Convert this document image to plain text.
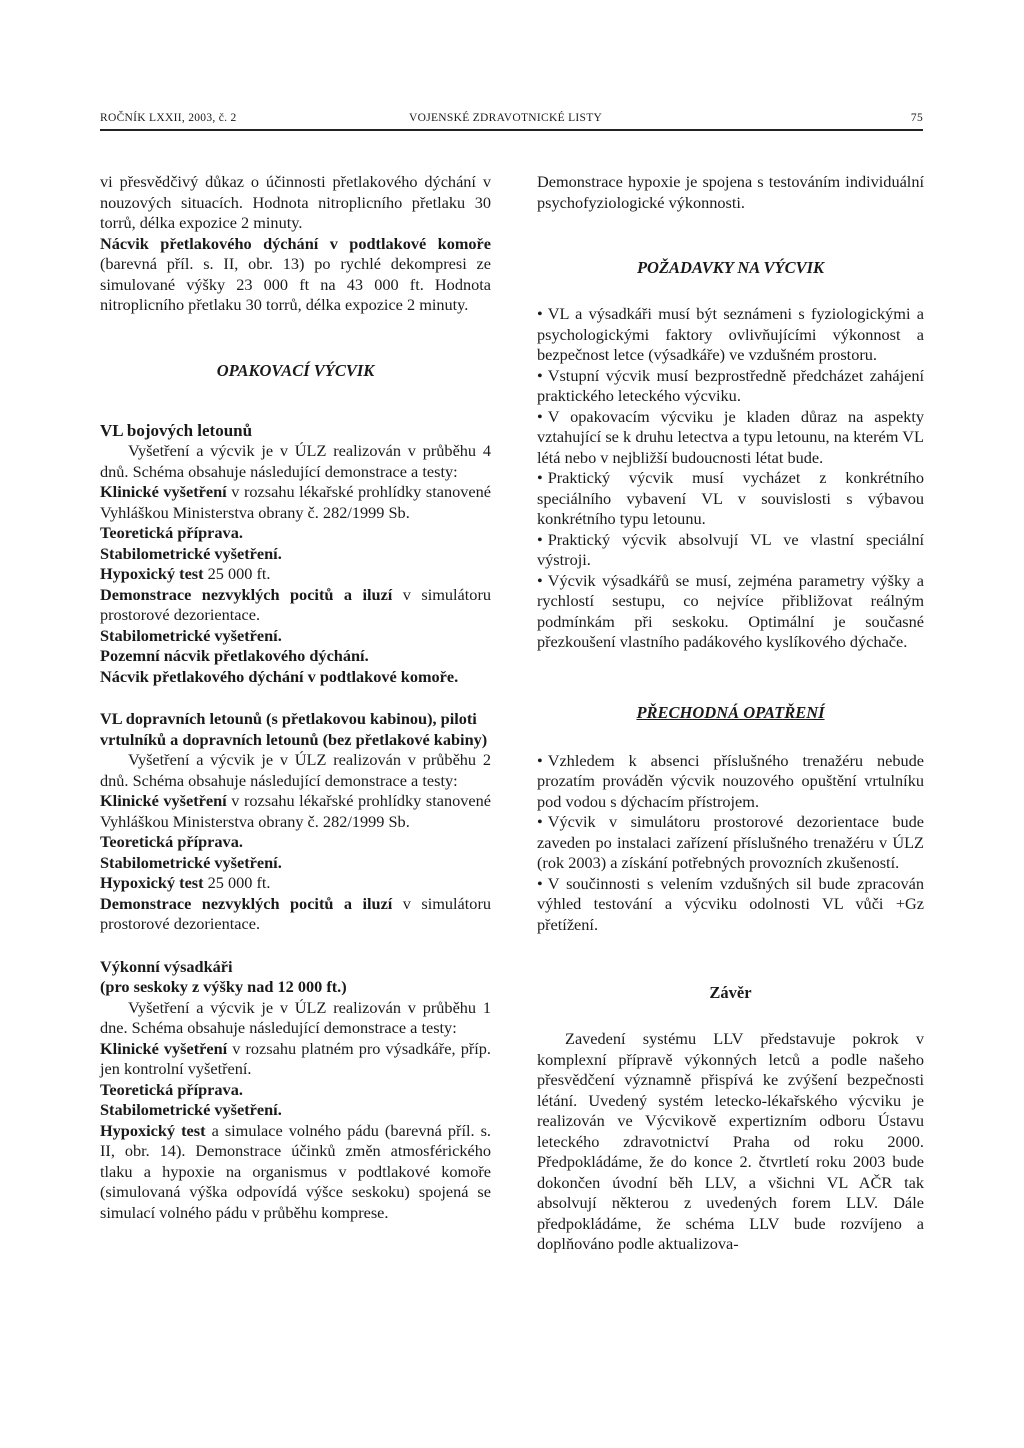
ROČNÍK LXXII, 2003, č. 2	VOJENSKÉ ZDRAVOTNICKÉ LISTY	75

vi přesvědčivý důkaz o účinnosti přetlakového dýchání v nouzových situacích. Hodnota nitroplicního přetlaku 30 torrů, délka expozice 2 minuty.

Nácvik přetlakového dýchání v podtlakové komoře (barevná příl. s. II, obr. 13) po rychlé dekompresi ze simulované výšky 23 000 ft na 43 000 ft. Hodnota nitroplicního přetlaku 30 torrů, délka expozice 2 minuty.

OPAKOVACÍ VÝCVIK
VL bojových letounů

Vyšetření a výcvik je v ÚLZ realizován v průběhu 4 dnů. Schéma obsahuje následující demonstrace a testy:

Klinické vyšetření v rozsahu lékařské prohlídky stanovené Vyhláškou Ministerstva obrany č. 282/1999 Sb.

Teoretická příprava.

Stabilometrické vyšetření.

Hypoxický test 25 000 ft.

Demonstrace nezvyklých pocitů a iluzí v simulátoru prostorové dezorientace.

Stabilometrické vyšetření.

Pozemní nácvik přetlakového dýchání.

Nácvik přetlakového dýchání v podtlakové komoře.

VL dopravních letounů (s přetlakovou kabinou), piloti vrtulníků a dopravních letounů (bez přetlakové kabiny)

Vyšetření a výcvik je v ÚLZ realizován v průběhu 2 dnů. Schéma obsahuje následující demonstrace a testy:

Klinické vyšetření v rozsahu lékařské prohlídky stanovené Vyhláškou Ministerstva obrany č. 282/1999 Sb.

Teoretická příprava.

Stabilometrické vyšetření.

Hypoxický test 25 000 ft.

Demonstrace nezvyklých pocitů a iluzí v simulátoru prostorové dezorientace.

Výkonní výsadkáři
(pro seskoky z výšky nad 12 000 ft.)

Vyšetření a výcvik je v ÚLZ realizován v průběhu 1 dne. Schéma obsahuje následující demonstrace a testy:

Klinické vyšetření v rozsahu platném pro výsadkáře, příp. jen kontrolní vyšetření.

Teoretická příprava.

Stabilometrické vyšetření.

Hypoxický test a simulace volného pádu (barevná příl. s. II, obr. 14). Demonstrace účinků změn atmosférického tlaku a hypoxie na organismus v podtlakové komoře (simulovaná výška odpovídá výšce seskoku) spojená se simulací volného pádu v průběhu komprese.

Demonstrace hypoxie je spojena s testováním individuální psychofyziologické výkonnosti.

POŽADAVKY NA VÝCVIK

• VL a výsadkáři musí být seznámeni s fyziologickými a psychologickými faktory ovlivňujícími výkonnost a bezpečnost letce (výsadkáře) ve vzdušném prostoru.

• Vstupní výcvik musí bezprostředně předcházet zahájení praktického leteckého výcviku.

• V opakovacím výcviku je kladen důraz na aspekty vztahující se k druhu letectva a typu letounu, na kterém VL létá nebo v nejbližší budoucnosti létat bude.

• Praktický výcvik musí vycházet z konkrétního speciálního vybavení VL v souvislosti s výbavou konkrétního typu letounu.

• Praktický výcvik absolvují VL ve vlastní speciální výstroji.

• Výcvik výsadkářů se musí, zejména parametry výšky a rychlostí sestupu, co nejvíce přibližovat reálným podmínkám při seskoku. Optimální je současné přezkoušení vlastního padákového kyslíkového dýchače.

PŘECHODNÁ OPATŘENÍ

• Vzhledem k absenci příslušného trenažéru nebude prozatím prováděn výcvik nouzového opuštění vrtulníku pod vodou s dýchacím přístrojem.

• Výcvik v simulátoru prostorové dezorientace bude zaveden po instalaci zařízení příslušného trenažéru v ÚLZ (rok 2003) a získání potřebných provozních zkušeností.

• V součinnosti s velením vzdušných sil bude zpracován výhled testování a výcviku odolnosti VL vůči +Gz přetížení.

Závěr

Zavedení systému LLV představuje pokrok v komplexní přípravě výkonných letců a podle našeho přesvědčení významně přispívá ke zvýšení bezpečnosti létání. Uvedený systém letecko-lékařského výcviku je realizován ve Výcvikově expertizním odboru Ústavu leteckého zdravotnictví Praha od roku 2000. Předpokládáme, že do konce 2. čtvrtletí roku 2003 bude dokončen úvodní běh LLV, a všichni VL AČR tak absolvují některou z uvedených forem LLV. Dále předpokládáme, že schéma LLV bude rozvíjeno a doplňováno podle aktualizova-
